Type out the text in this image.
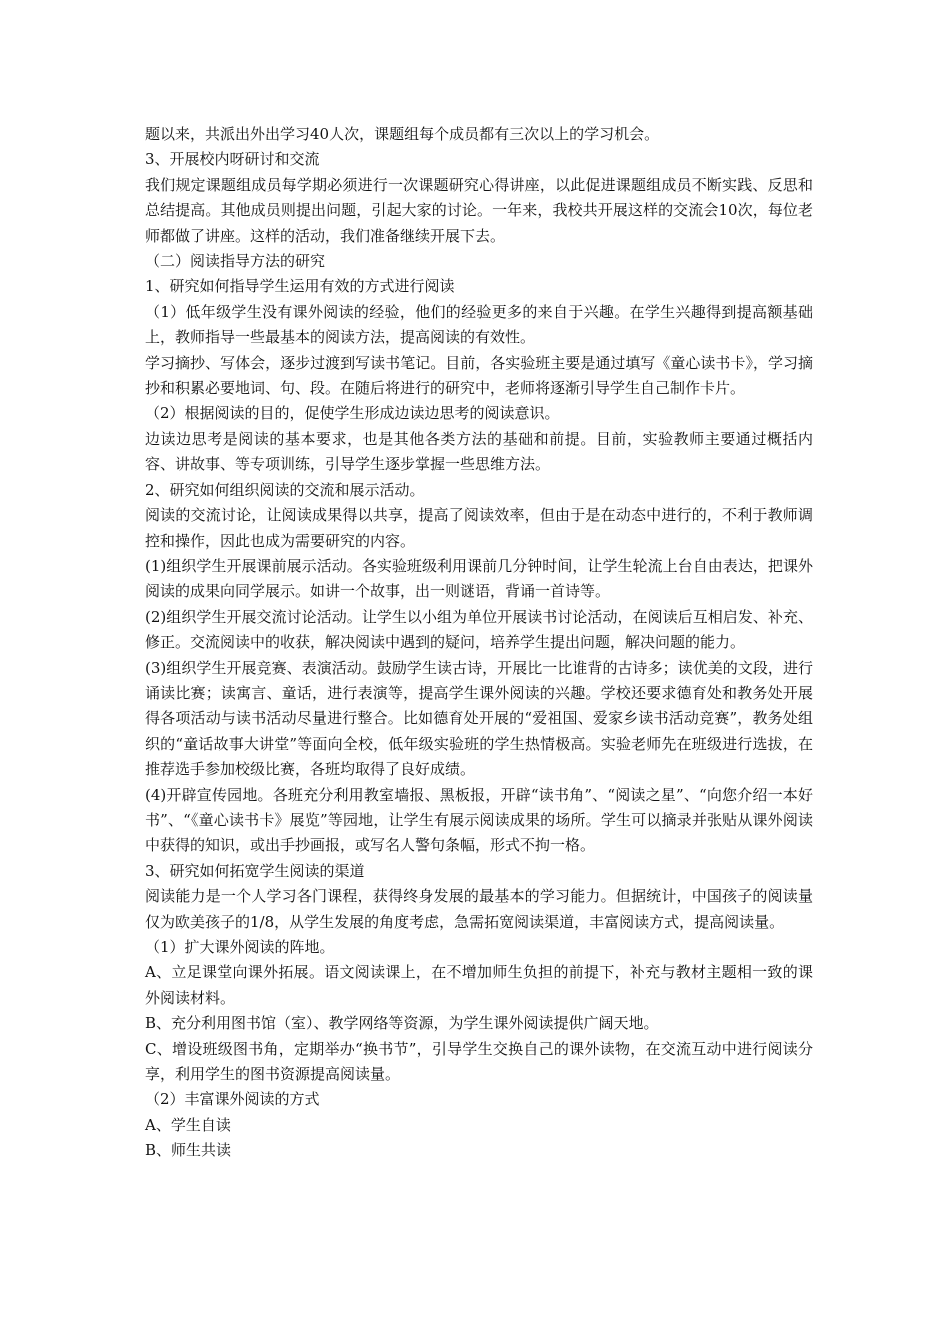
题以来，共派出外出学习40人次，课题组每个成员都有三次以上的学习机会。

3、开展校内呀研讨和交流

我们规定课题组成员每学期必须进行一次课题研究心得讲座，以此促进课题组成员不断实践、反思和总结提高。其他成员则提出问题，引起大家的讨论。一年来，我校共开展这样的交流会10次，每位老师都做了讲座。这样的活动，我们准备继续开展下去。

（二）阅读指导方法的研究

1、研究如何指导学生运用有效的方式进行阅读

（1）低年级学生没有课外阅读的经验，他们的经验更多的来自于兴趣。在学生兴趣得到提高额基础上，教师指导一些最基本的阅读方法，提高阅读的有效性。

学习摘抄、写体会，逐步过渡到写读书笔记。目前，各实验班主要是通过填写《童心读书卡》，学习摘抄和积累必要地词、句、段。在随后将进行的研究中，老师将逐渐引导学生自己制作卡片。

（2）根据阅读的目的，促使学生形成边读边思考的阅读意识。

边读边思考是阅读的基本要求，也是其他各类方法的基础和前提。目前，实验教师主要通过概括内容、讲故事、等专项训练，引导学生逐步掌握一些思维方法。

2、研究如何组织阅读的交流和展示活动。

阅读的交流讨论，让阅读成果得以共享，提高了阅读效率，但由于是在动态中进行的，不利于教师调控和操作，因此也成为需要研究的内容。

(1)组织学生开展课前展示活动。各实验班级利用课前几分钟时间，让学生轮流上台自由表达，把课外阅读的成果向同学展示。如讲一个故事，出一则谜语，背诵一首诗等。

(2)组织学生开展交流讨论活动。让学生以小组为单位开展读书讨论活动，在阅读后互相启发、补充、修正。交流阅读中的收获，解决阅读中遇到的疑问，培养学生提出问题，解决问题的能力。

(3)组织学生开展竞赛、表演活动。鼓励学生读古诗，开展比一比谁背的古诗多；读优美的文段，进行诵读比赛；读寓言、童话，进行表演等，提高学生课外阅读的兴趣。学校还要求德育处和教务处开展得各项活动与读书活动尽量进行整合。比如德育处开展的“爱祖国、爱家乡读书活动竞赛”，教务处组织的“童话故事大讲堂”等面向全校，低年级实验班的学生热情极高。实验老师先在班级进行选拔，在推荐选手参加校级比赛，各班均取得了良好成绩。

(4)开辟宣传园地。各班充分利用教室墙报、黑板报，开辟“读书角”、“阅读之星”、“向您介绍一本好书”、“《童心读书卡》展览”等园地，让学生有展示阅读成果的场所。学生可以摘录并张贴从课外阅读中获得的知识，或出手抄画报，或写名人警句条幅，形式不拘一格。

3、研究如何拓宽学生阅读的渠道

阅读能力是一个人学习各门课程，获得终身发展的最基本的学习能力。但据统计，中国孩子的阅读量仅为欧美孩子的1/8，从学生发展的角度考虑，急需拓宽阅读渠道，丰富阅读方式，提高阅读量。

（1）扩大课外阅读的阵地。

A、立足课堂向课外拓展。语文阅读课上，在不增加师生负担的前提下，补充与教材主题相一致的课外阅读材料。

B、充分利用图书馆（室）、教学网络等资源，为学生课外阅读提供广阔天地。

C、增设班级图书角，定期举办“换书节”，引导学生交换自己的课外读物，在交流互动中进行阅读分享，利用学生的图书资源提高阅读量。

（2）丰富课外阅读的方式

A、学生自读

B、师生共读
